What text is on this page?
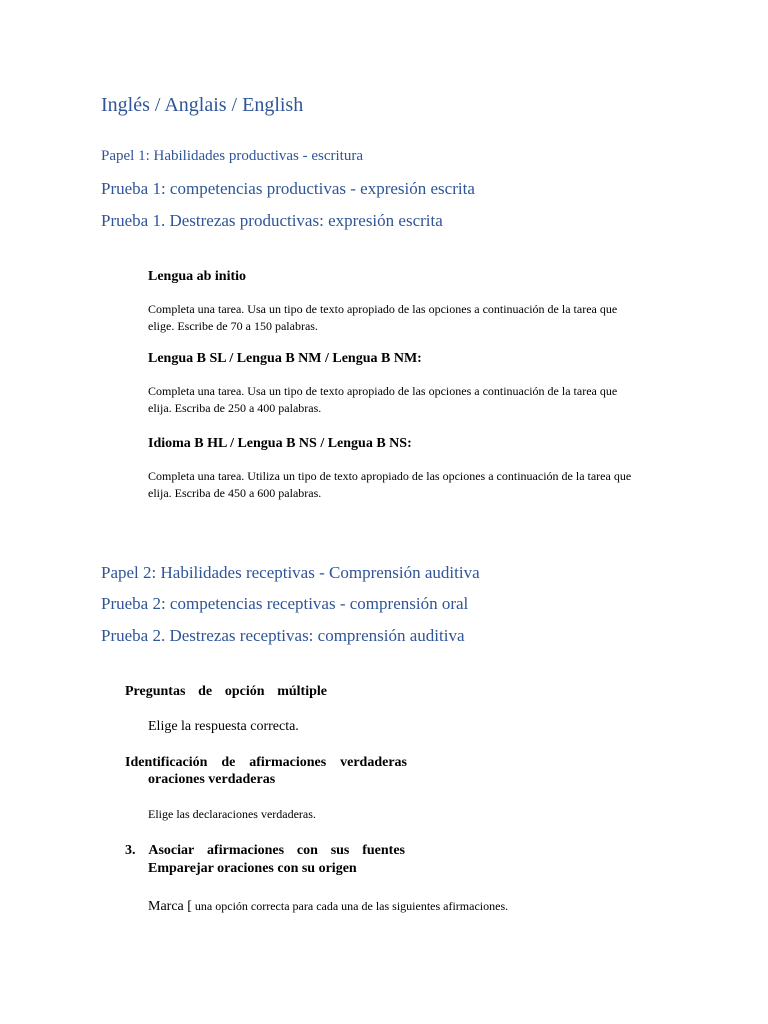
Inglés / Anglais / English
Papel 1: Habilidades productivas - escritura
Prueba 1: competencias productivas - expresión escrita
Prueba 1. Destrezas productivas: expresión escrita
Lengua ab initio
Completa una tarea. Usa un tipo de texto apropiado de las opciones a continuación de la tarea que elige. Escribe de 70 a 150 palabras.
Lengua B SL / Lengua B NM / Lengua B NM:
Completa una tarea. Usa un tipo de texto apropiado de las opciones a continuación de la tarea que elija. Escriba de 250 a 400 palabras.
Idioma B HL / Lengua B NS / Lengua B NS:
Completa una tarea. Utiliza un tipo de texto apropiado de las opciones a continuación de la tarea que elija. Escriba de 450 a 600 palabras.
Papel 2: Habilidades receptivas - Comprensión auditiva
Prueba 2: competencias receptivas - comprensión oral
Prueba 2. Destrezas receptivas: comprensión auditiva
Preguntas de opción múltiple
Elige la respuesta correcta.
Identificación de afirmaciones verdaderas
oraciones verdaderas
Elige las declaraciones verdaderas.
3. Asociar afirmaciones con sus fuentes
Emparejar oraciones con su origen
Marca [ una opción correcta para cada una de las siguientes afirmaciones.
